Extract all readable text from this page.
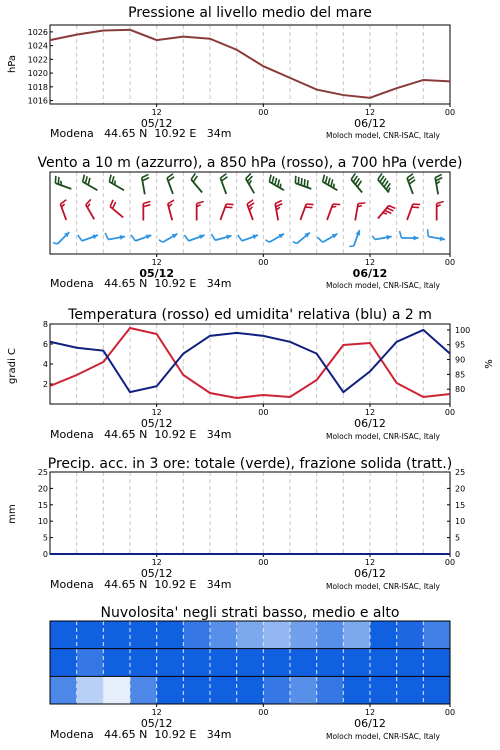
Pressione al livello medio del mare
Vento a 10 m (azzurro), a 850 hPa (rosso), a 700 hPa (verde)
Temperatura (rosso) ed umidita' relativa (blu) a 2 m
Precip. acc. in 3 ore: totale (verde), frazione solida (tratt.)
Nuvolosita' negli strati basso, medio e alto
1016
1018
1020
1022
1024
1026
hPa
12	00	12	00
05/12	06/12
12	00	12	00
05/12	06/12
2
4
6
8
80
85
90
95
100
gradi C	%
12	00	12	00
05/12	06/12
0
5
10
15
20
25
0
5
10
15
20
25
mm
12	00	12	00
05/12	06/12
12	00	12	00
05/12	06/12
Modena   44.65 N  10.92 E   34m	Moloch model, CNR-ISAC, Italy
Modena   44.65 N  10.92 E   34m	Moloch model, CNR-ISAC, Italy
Modena   44.65 N  10.92 E   34m	Moloch model, CNR-ISAC, Italy
Modena   44.65 N  10.92 E   34m	Moloch model, CNR-ISAC, Italy
Modena   44.65 N  10.92 E   34m	Moloch model, CNR-ISAC, Italy
